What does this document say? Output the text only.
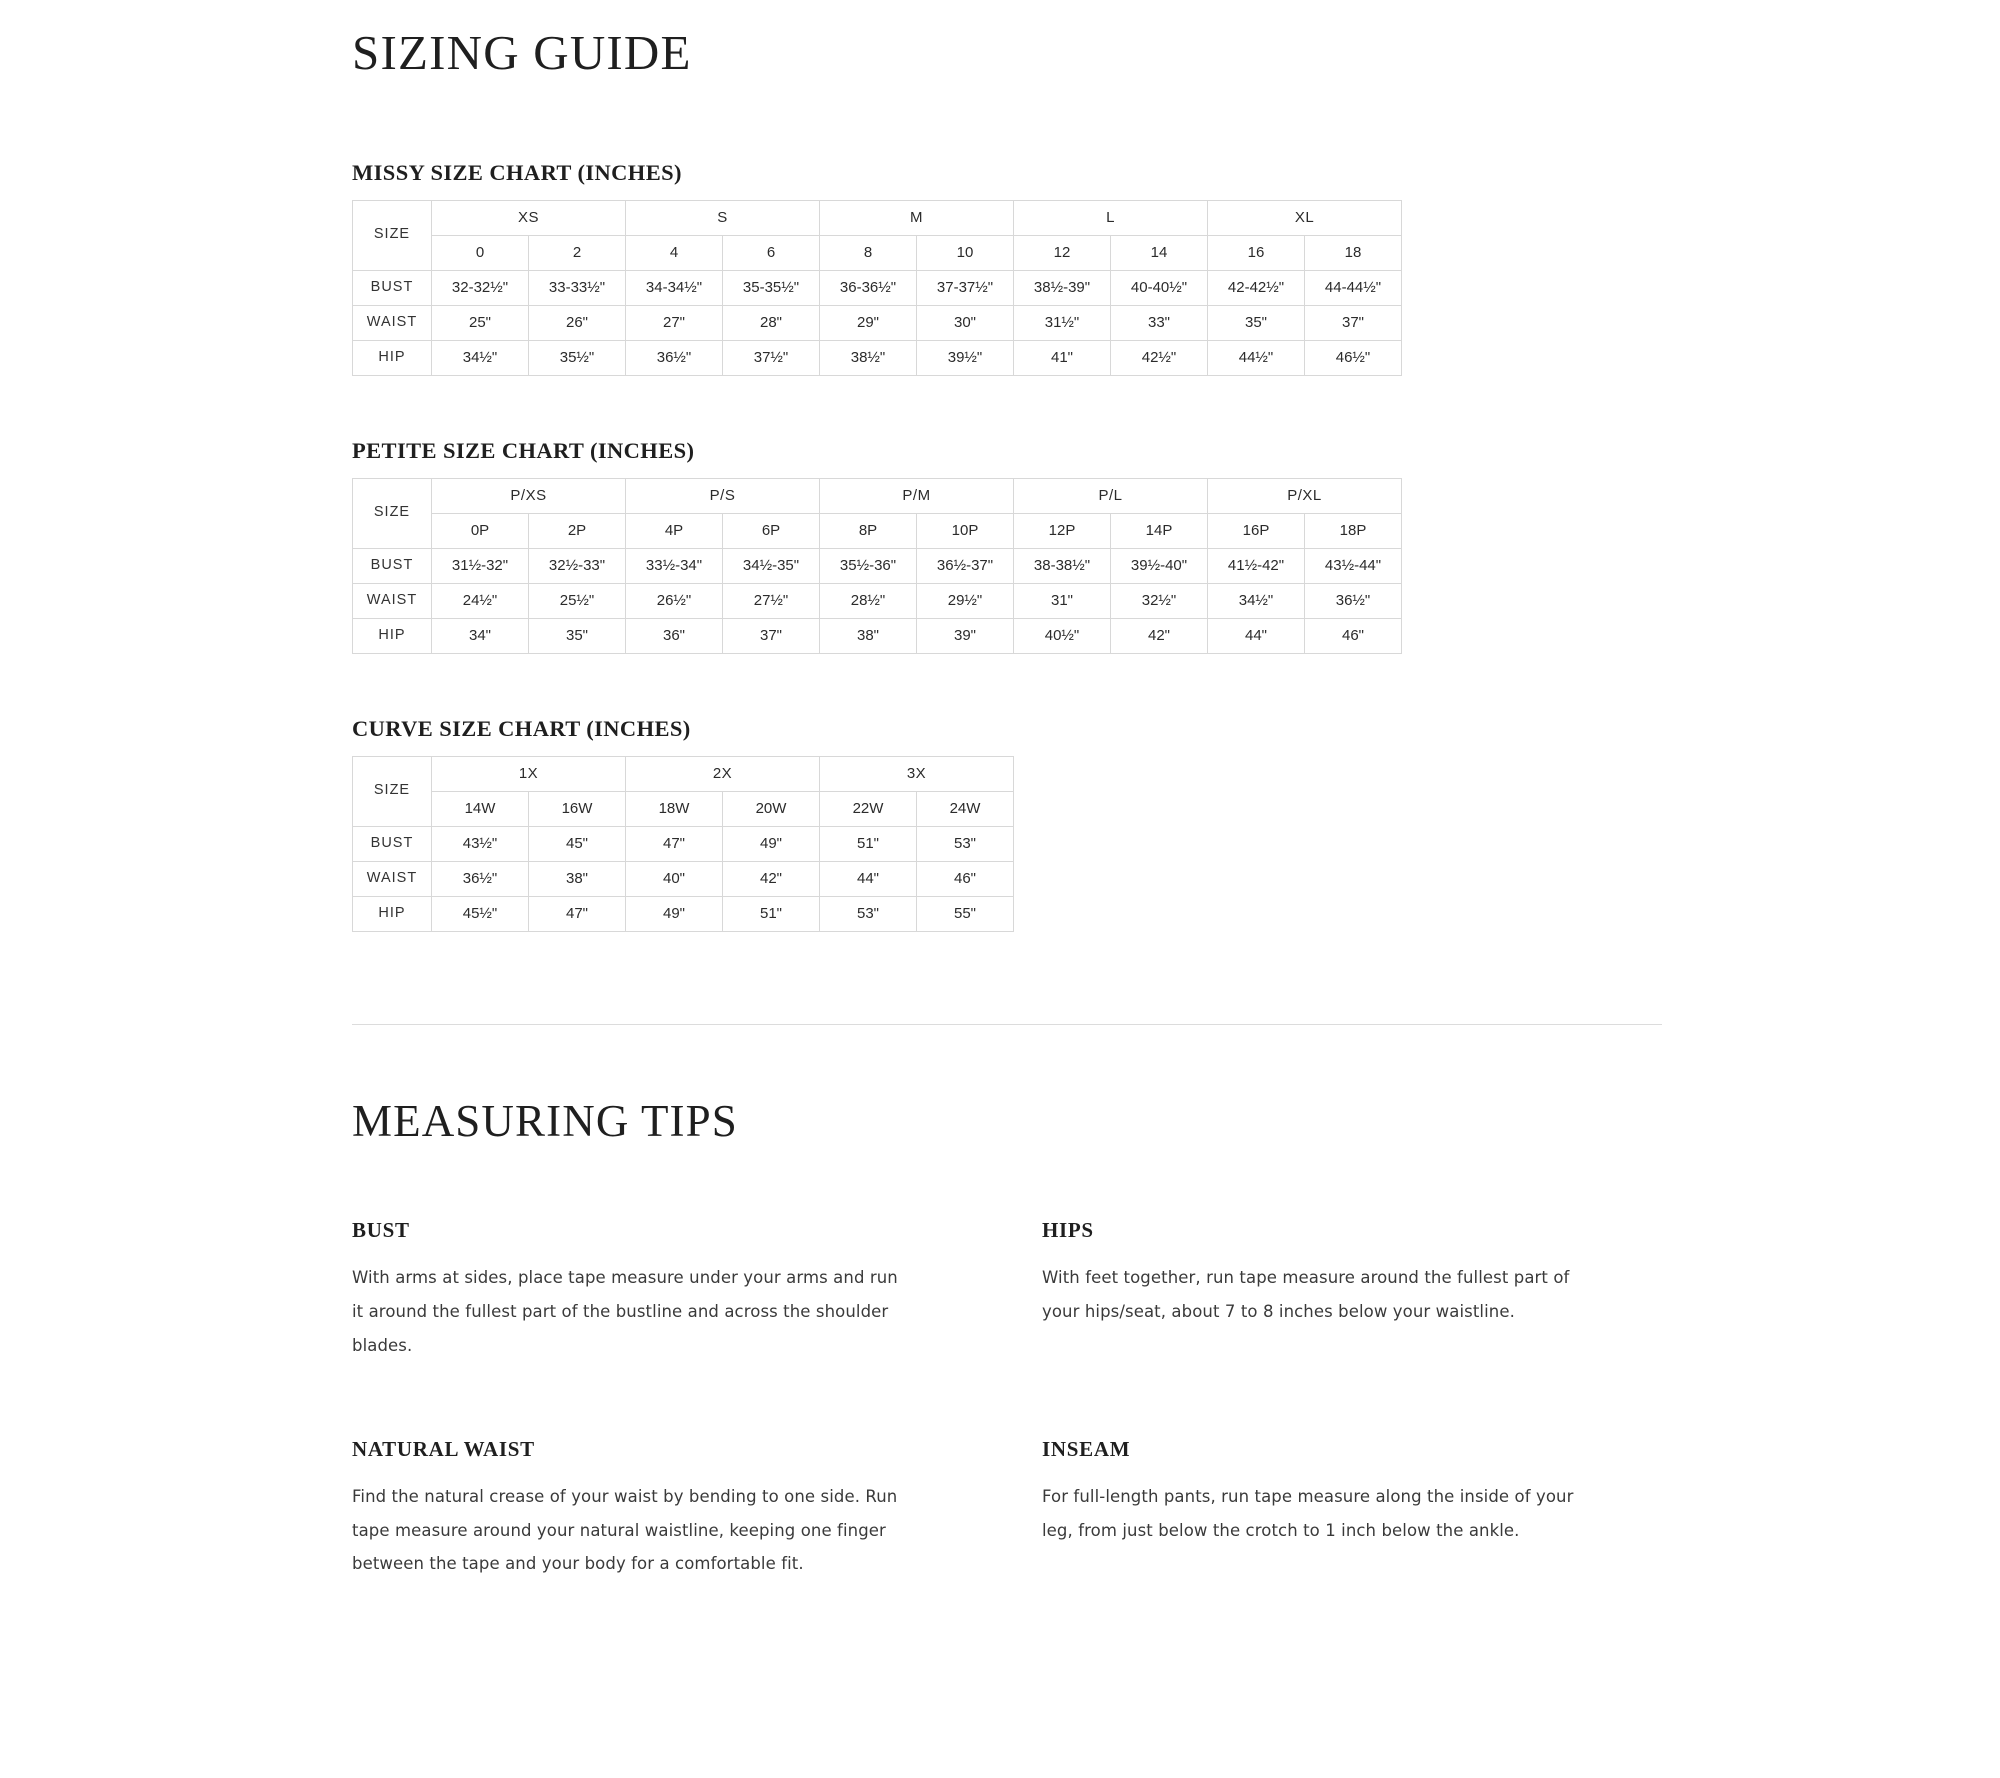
SIZING GUIDE
MISSY SIZE CHART (INCHES)
SIZE	XS		S		M		L		XL	
	0	2	4	6	8	10	12	14	16	18
BUST	32-32½"	33-33½"	34-34½"	35-35½"	36-36½"	37-37½"	38½-39"	40-40½"	42-42½"	44-44½"
WAIST	25"	26"	27"	28"	29"	30"	31½"	33"	35"	37"
HIP	34½"	35½"	36½"	37½"	38½"	39½"	41"	42½"	44½"	46½"
PETITE SIZE CHART (INCHES)
SIZE	P/XS		P/S		P/M		P/L		P/XL	
	0P	2P	4P	6P	8P	10P	12P	14P	16P	18P
BUST	31½-32"	32½-33"	33½-34"	34½-35"	35½-36"	36½-37"	38-38½"	39½-40"	41½-42"	43½-44"
WAIST	24½"	25½"	26½"	27½"	28½"	29½"	31"	32½"	34½"	36½"
HIP	34"	35"	36"	37"	38"	39"	40½"	42"	44"	46"
CURVE SIZE CHART (INCHES)
SIZE	1X		2X		3X	
	14W	16W	18W	20W	22W	24W
BUST	43½"	45"	47"	49"	51"	53"
WAIST	36½"	38"	40"	42"	44"	46"
HIP	45½"	47"	49"	51"	53"	55"
MEASURING TIPS
BUST

With arms at sides, place tape measure under your arms and run it around the fullest part of the bustline and across the shoulder blades.

HIPS

With feet together, run tape measure around the fullest part of your hips/seat, about 7 to 8 inches below your waistline.

NATURAL WAIST

Find the natural crease of your waist by bending to one side. Run tape measure around your natural waistline, keeping one finger between the tape and your body for a comfortable fit.

INSEAM

For full-length pants, run tape measure along the inside of your leg, from just below the crotch to 1 inch below the ankle.
